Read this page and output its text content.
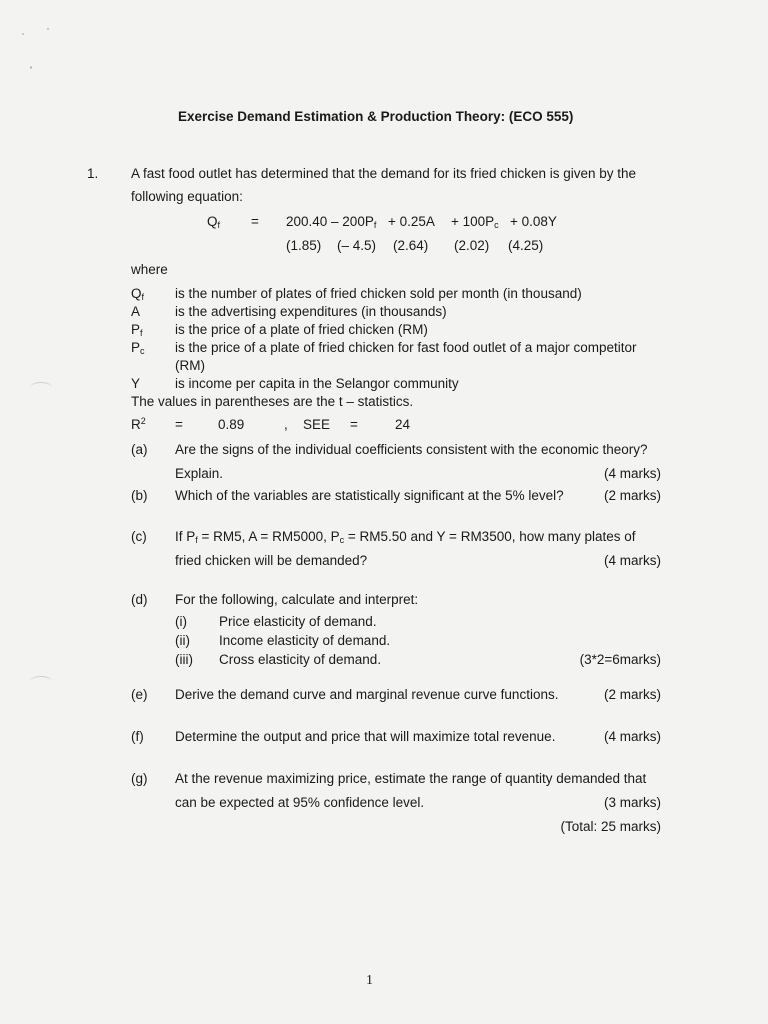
Exercise Demand Estimation & Production Theory: (ECO 555)
1. A fast food outlet has determined that the demand for its fried chicken is given by the
following equation:
$Q_f = 200.40 - 200P_f + 0.25A + 100P_c + 0.08Y$
(1.85) (– 4.5) (2.64) (2.02) (4.25)
where
$Q_f$ is the number of plates of fried chicken sold per month (in thousand)
A	is the advertising expenditures (in thousands)
$P_f$ is the price of a plate of fried chicken (RM)
$P_c$ is the price of a plate of fried chicken for fast food outlet of a major competitor
(RM)
Y	is income per capita in the Selangor community
The values in parentheses are the t – statistics.
$R^2$ =	0.89	, SEE =	24
(a) Are the signs of the individual coefficients consistent with the economic theory?
Explain.	(4 marks)
(b) Which of the variables are statistically significant at the 5% level?	(2 marks)
(c) If $P_f = RM5$, A = RM5000, $P_c = RM5.50$ and Y = RM3500, how many plates of
fried chicken will be demanded?	(4 marks)
(d) For the following, calculate and interpret:
(i) Price elasticity of demand.
(ii) Income elasticity of demand.
(iii) Cross elasticity of demand.	(3*2=6marks)
(e) Derive the demand curve and marginal revenue curve functions.	(2 marks)
(f) Determine the output and price that will maximize total revenue.	(4 marks)
(g) At the revenue maximizing price, estimate the range of quantity demanded that
can be expected at 95% confidence level.	(3 marks)
(Total: 25 marks)
1
